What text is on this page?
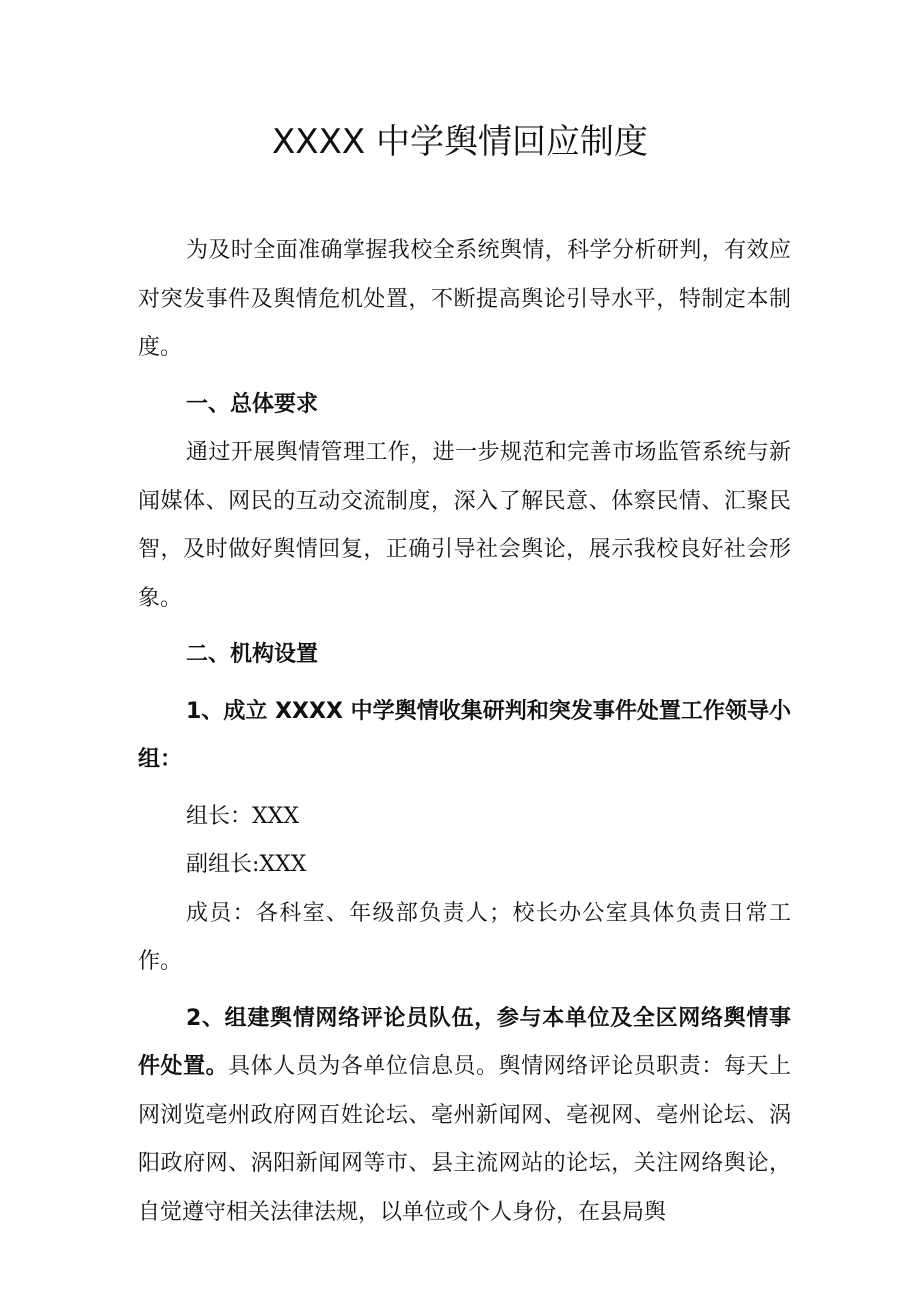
XXXX 中学舆情回应制度

为及时全面准确掌握我校全系统舆情，科学分析研判，有效应对突发事件及舆情危机处置，不断提高舆论引导水平，特制定本制度。

一、总体要求

通过开展舆情管理工作，进一步规范和完善市场监管系统与新闻媒体、网民的互动交流制度，深入了解民意、体察民情、汇聚民智，及时做好舆情回复，正确引导社会舆论，展示我校良好社会形象。

二、机构设置

1、成立 XXXX 中学舆情收集研判和突发事件处置工作领导小组：

组长：XXX

副组长:XXX

成员：各科室、年级部负责人；校长办公室具体负责日常工作。

2、组建舆情网络评论员队伍，参与本单位及全区网络舆情事件处置。具体人员为各单位信息员。舆情网络评论员职责：每天上网浏览亳州政府网百姓论坛、亳州新闻网、亳视网、亳州论坛、涡阳政府网、涡阳新闻网等市、县主流网站的论坛，关注网络舆论，自觉遵守相关法律法规，以单位或个人身份，在县局舆
